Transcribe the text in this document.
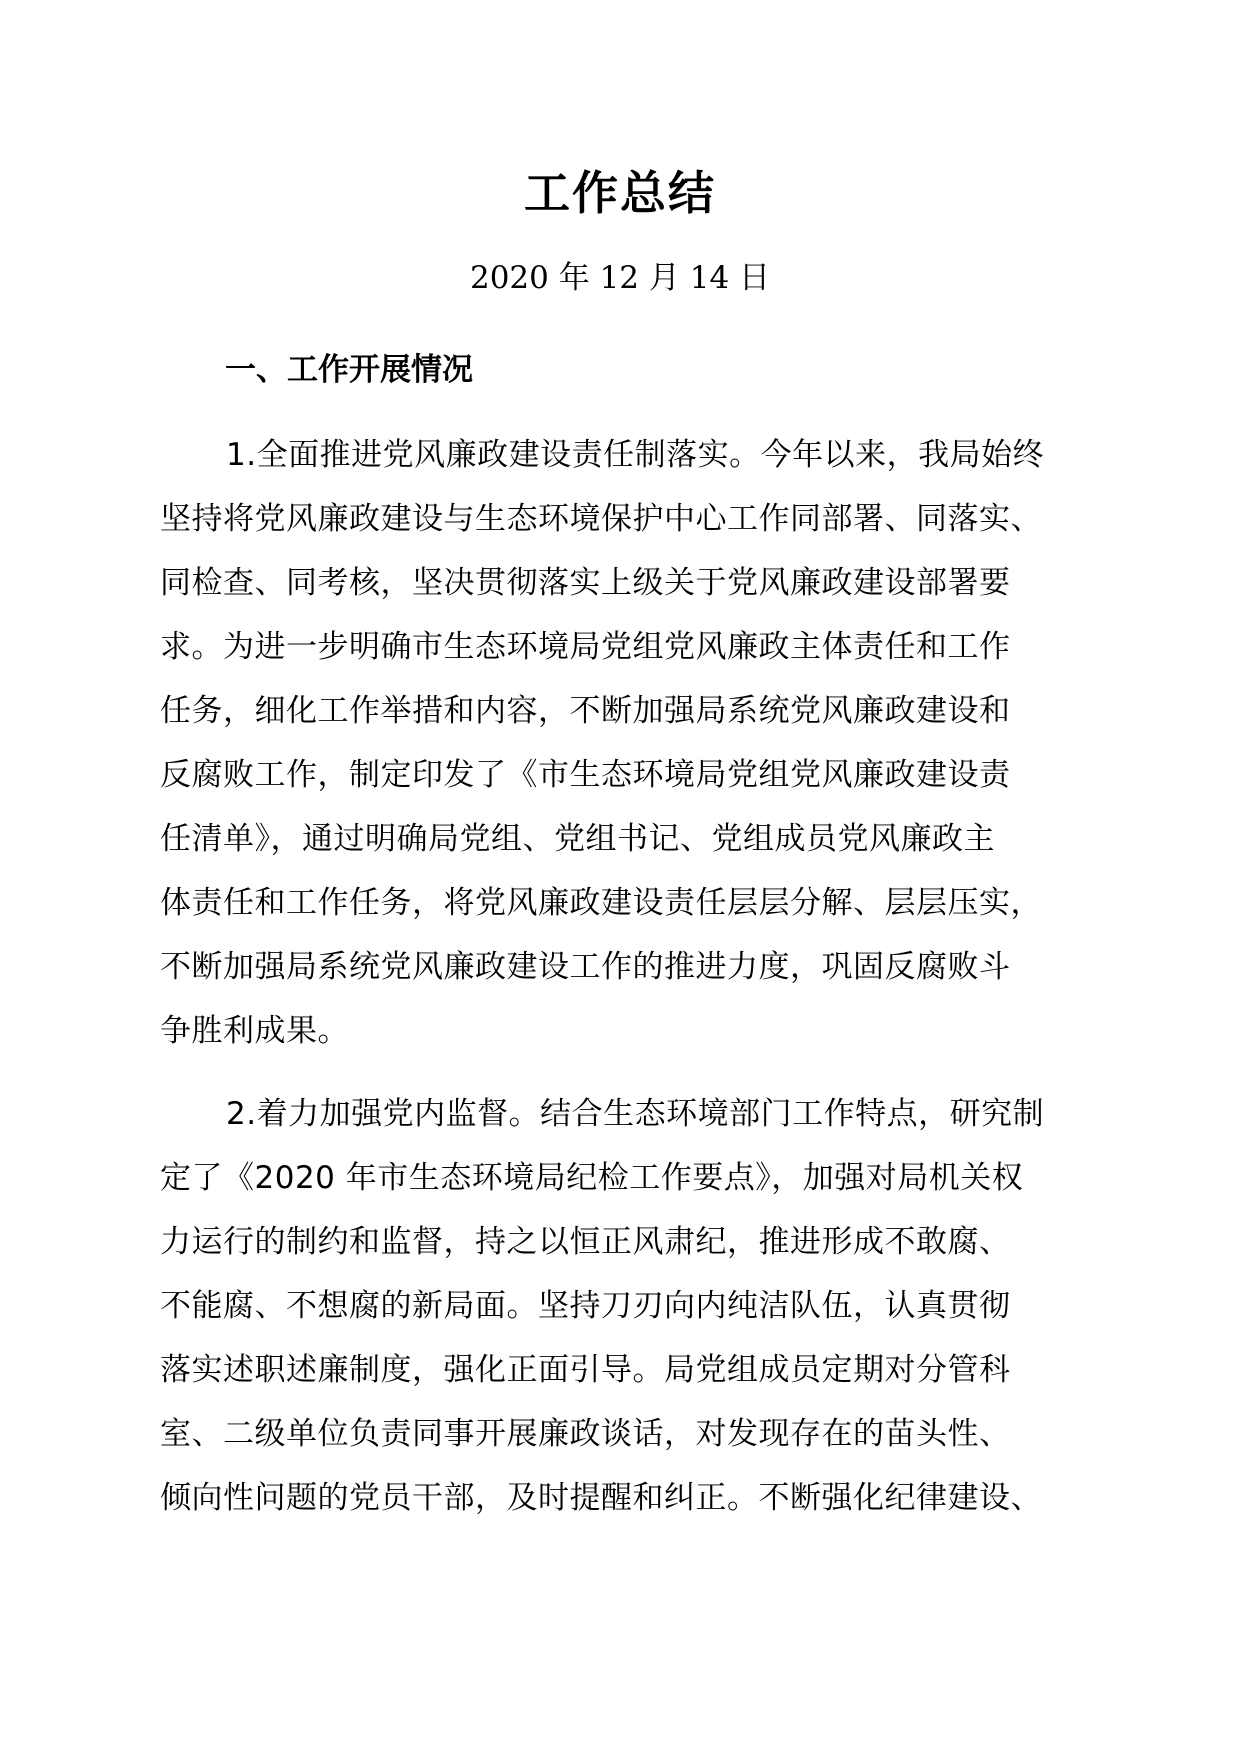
工作总结
2020 年 12 月 14 日
一、工作开展情况
1.全面推进党风廉政建设责任制落实。今年以来，我局始终
坚持将党风廉政建设与生态环境保护中心工作同部署、同落实、
同检查、同考核，坚决贯彻落实上级关于党风廉政建设部署要
求。为进一步明确市生态环境局党组党风廉政主体责任和工作
任务，细化工作举措和内容，不断加强局系统党风廉政建设和
反腐败工作，制定印发了《市生态环境局党组党风廉政建设责
任清单》，通过明确局党组、党组书记、党组成员党风廉政主
体责任和工作任务，将党风廉政建设责任层层分解、层层压实，
不断加强局系统党风廉政建设工作的推进力度，巩固反腐败斗
争胜利成果。
2.着力加强党内监督。结合生态环境部门工作特点，研究制
定了《2020 年市生态环境局纪检工作要点》，加强对局机关权
力运行的制约和监督，持之以恒正风肃纪，推进形成不敢腐、
不能腐、不想腐的新局面。坚持刀刃向内纯洁队伍，认真贯彻
落实述职述廉制度，强化正面引导。局党组成员定期对分管科
室、二级单位负责同事开展廉政谈话，对发现存在的苗头性、
倾向性问题的党员干部，及时提醒和纠正。不断强化纪律建设、
